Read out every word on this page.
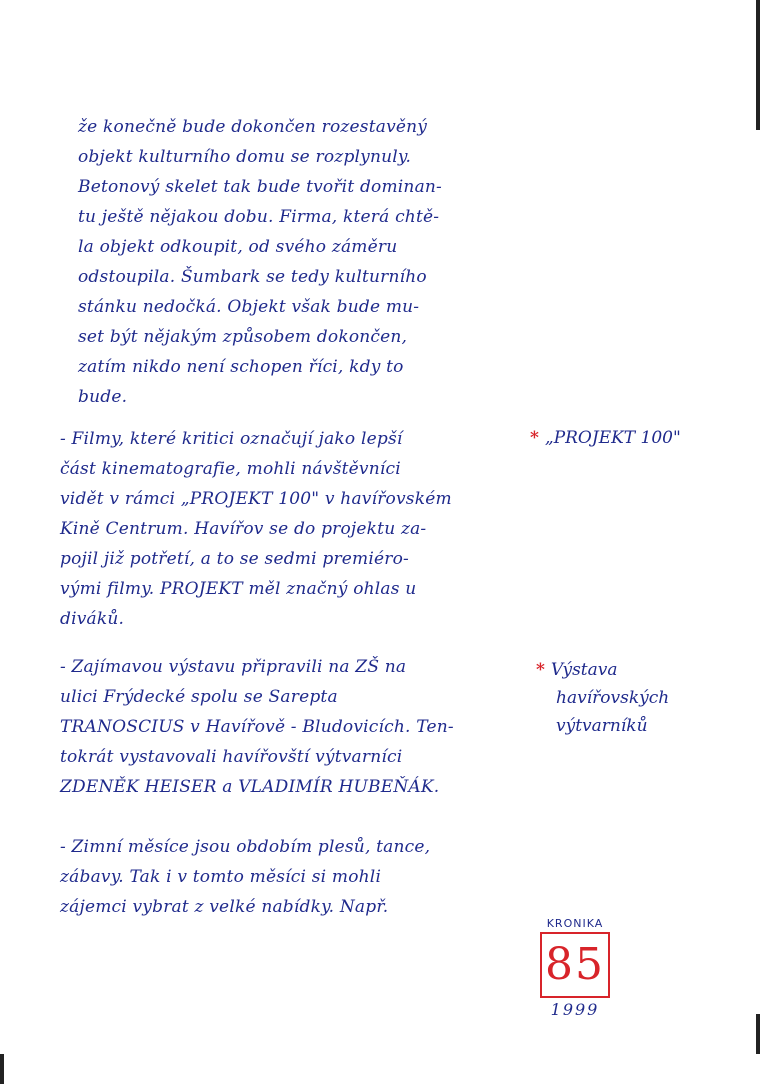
že konečně bude dokončen rozestavěný
objekt kulturního domu se rozplynuly.
Betonový skelet tak bude tvořit dominan-
tu ještě nějakou dobu. Firma, která chtě-
la objekt odkoupit, od svého záměru
odstoupila. Šumbark se tedy kulturního
stánku nedočká. Objekt však bude mu-
set být nějakým způsobem dokončen,
zatím nikdo není schopen říci, kdy to
bude.
- Filmy, které kritici označují jako lepší
část kinematografie, mohli návštěvníci
vidět v rámci „PROJEKT 100" v havířovském
Kině Centrum. Havířov se do projektu za-
pojil již potřetí, a to se sedmi premiéro-
vými filmy. PROJEKT měl značný ohlas u
diváků.
- Zajímavou výstavu připravili na ZŠ na
ulici Frýdecké spolu se Sarepta
TRANOSCIUS v Havířově - Bludovicích. Ten-
tokrát vystavovali havířovští výtvarníci
ZDENĚK HEISER a VLADIMÍR HUBEŇÁK.
- Zimní měsíce jsou obdobím plesů, tance,
zábavy. Tak i v tomto měsíci si mohli
zájemci vybrat z velké nabídky. Např.
* „PROJEKT 100"
* Výstava
havířovských
výtvarníků
KRONIKA
85
1999
